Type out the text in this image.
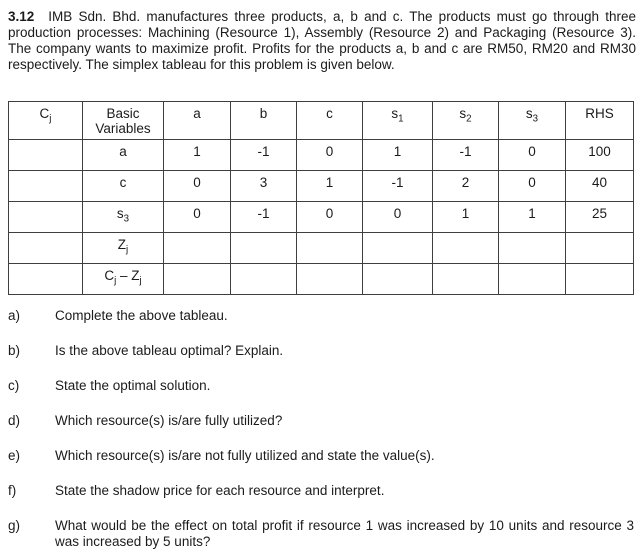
3.12 IMB Sdn. Bhd. manufactures three products, a, b and c. The products must go through three production processes: Machining (Resource 1), Assembly (Resource 2) and Packaging (Resource 3). The company wants to maximize profit. Profits for the products a, b and c are RM50, RM20 and RM30 respectively. The simplex tableau for this problem is given below.

$C_j$	Basic Variables	a	b	c	$s_1$	$s_2$	$s_3$	RHS
	a	1	-1	0	1	-1	0	100
	c	0	3	1	-1	2	0	40
	$s_3$	0	-1	0	0	1	1	25
	$Z_j$							
	$C_j - Z_j$							
a)	Complete the above tableau.
b)	Is the above tableau optimal? Explain.
c)	State the optimal solution.
d)	Which resource(s) is/are fully utilized?
e)	Which resource(s) is/are not fully utilized and state the value(s).
f)	State the shadow price for each resource and interpret.
g)	What would be the effect on total profit if resource 1 was increased by 10 units and resource 3 was increased by 5 units?
